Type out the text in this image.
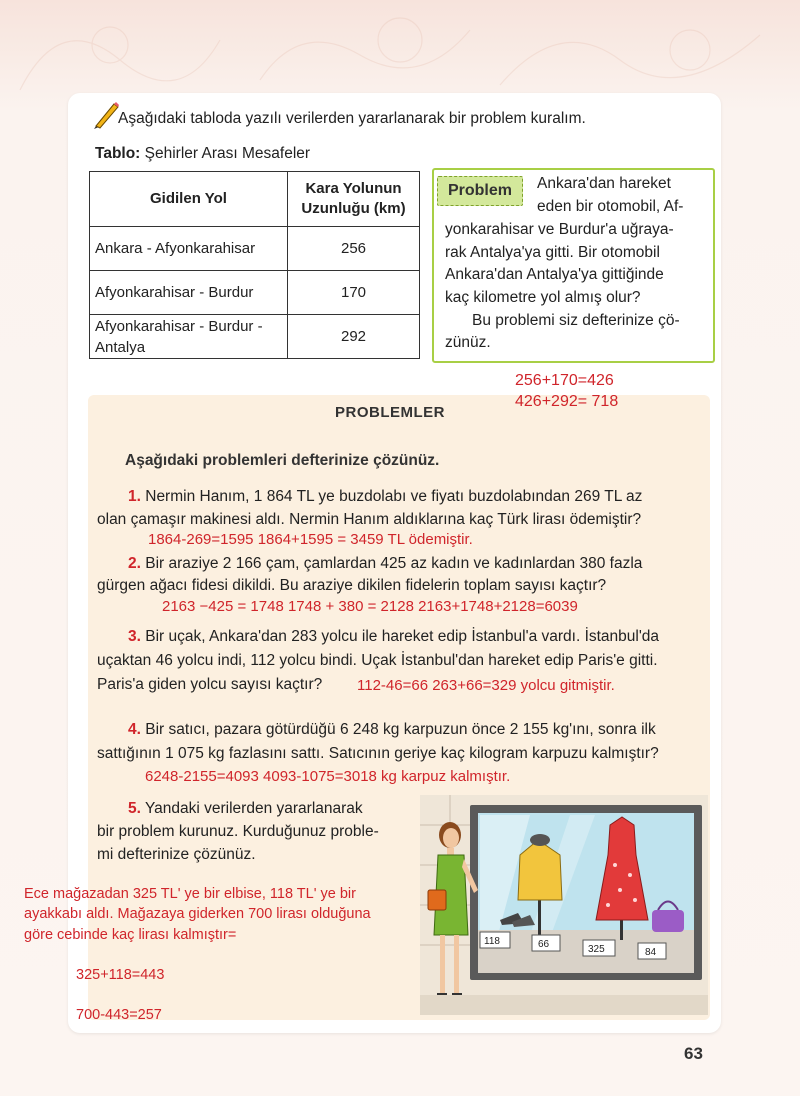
Aşağıdaki tabloda yazılı verilerden yararlanarak bir problem kuralım.
Tablo: Şehirler Arası Mesafeler
Gidilen Yol	Kara Yolunun
Uzunluğu (km)
Ankara - Afyonkarahisar	256
Afyonkarahisar - Burdur	170
Afyonkarahisar - Burdur -
Antalya	292
Problem	Ankara'dan hareket
eden bir otomobil, Af-
yonkarahisar ve Burdur'a uğraya-
rak Antalya'ya gitti. Bir otomobil
Ankara'dan Antalya'ya gittiğinde
kaç kilometre yol almış olur?
Bu problemi siz defterinize çö-
zünüz.
256+170=426
426+292= 718
PROBLEMLER
Aşağıdaki problemleri defterinize çözünüz.
1. Nermin Hanım, 1 864 TL ye buzdolabı ve fiyatı buzdolabından 269 TL az
olan çamaşır makinesi aldı. Nermin Hanım aldıklarına kaç Türk lirası ödemiştir?
1864-269=1595 1864+1595 = 3459 TL ödemiştir.
2. Bir araziye 2 166 çam, çamlardan 425 az kadın ve kadınlardan 380 fazla
gürgen ağacı fidesi dikildi. Bu araziye dikilen fidelerin toplam sayısı kaçtır?
2163 −425 = 1748 1748 + 380 = 2128 2163+1748+2128=6039
3. Bir uçak, Ankara'dan 283 yolcu ile hareket edip İstanbul'a vardı. İstanbul'da
uçaktan 46 yolcu indi, 112 yolcu bindi. Uçak İstanbul'dan hareket edip Paris'e gitti.
Paris'a giden yolcu sayısı kaçtır? 112-46=66 263+66=329 yolcu gitmiştir.
4. Bir satıcı, pazara götürdüğü 6 248 kg karpuzun önce 2 155 kg'ını, sonra ilk
sattığının 1 075 kg fazlasını sattı. Satıcının geriye kaç kilogram karpuzu kalmıştır?
6248-2155=4093 4093-1075=3018 kg karpuz kalmıştır.
5. Yandaki verilerden yararlanarak
bir problem kurunuz. Kurduğunuz proble-
mi defterinize çözünüz.
Ece mağazadan 325 TL' ye bir elbise, 118 TL' ye bir
ayakkabı aldı. Mağazaya giderken 700 lirası olduğuna
göre cebinde kaç lirası kalmıştır=
325+118=443
700-443=257
118	66	325	84
63
